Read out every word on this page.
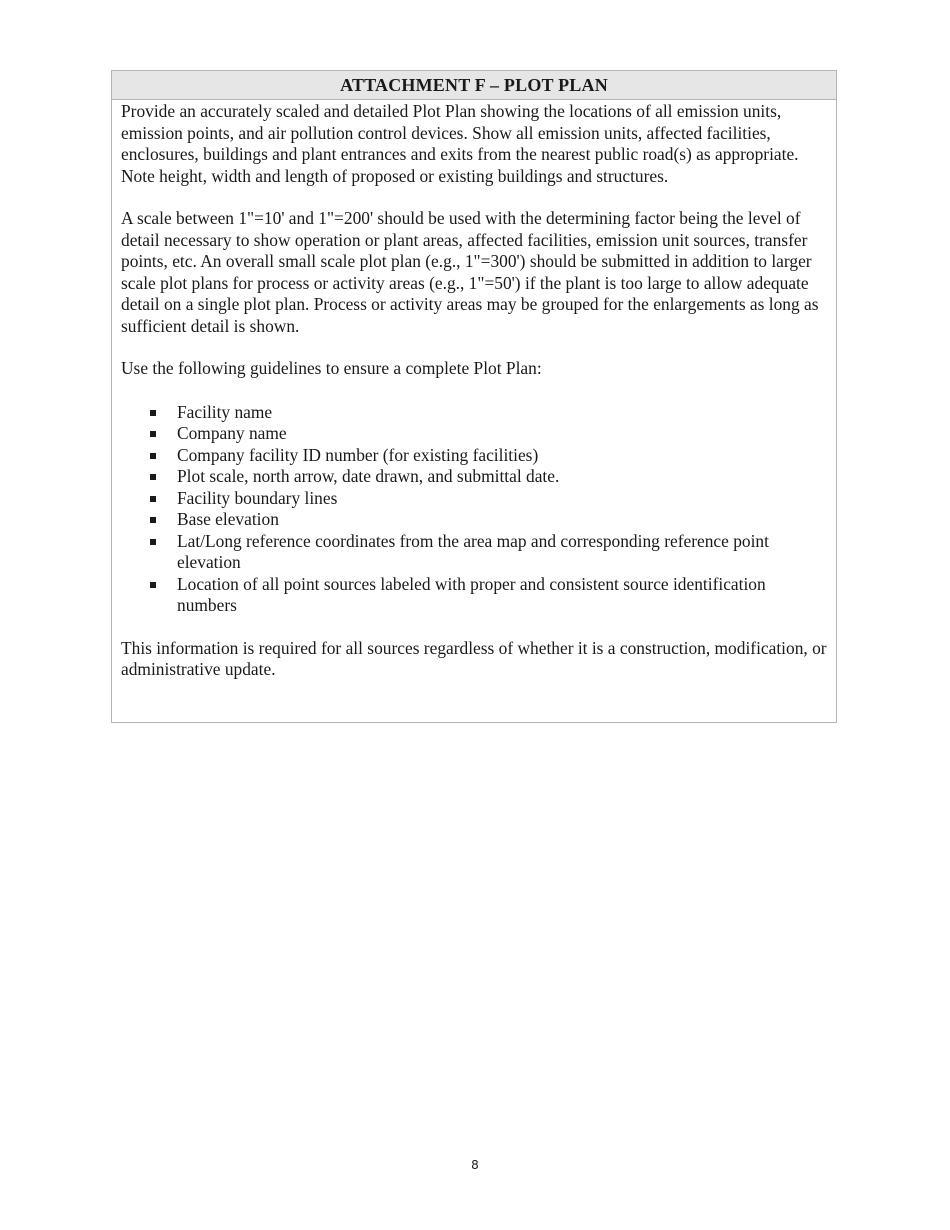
ATTACHMENT F – PLOT PLAN

Provide an accurately scaled and detailed Plot Plan showing the locations of all emission units, emission points, and air pollution control devices. Show all emission units, affected facilities, enclosures, buildings and plant entrances and exits from the nearest public road(s) as appropriate. Note height, width and length of proposed or existing buildings and structures.

A scale between 1"=10' and 1"=200' should be used with the determining factor being the level of detail necessary to show operation or plant areas, affected facilities, emission unit sources, transfer points, etc. An overall small scale plot plan (e.g., 1"=300') should be submitted in addition to larger scale plot plans for process or activity areas (e.g., 1"=50') if the plant is too large to allow adequate detail on a single plot plan. Process or activity areas may be grouped for the enlargements as long as sufficient detail is shown.

Use the following guidelines to ensure a complete Plot Plan:

Facility name
Company name
Company facility ID number (for existing facilities)
Plot scale, north arrow, date drawn, and submittal date.
Facility boundary lines
Base elevation
Lat/Long reference coordinates from the area map and corresponding reference point elevation
Location of all point sources labeled with proper and consistent source identification numbers

This information is required for all sources regardless of whether it is a construction, modification, or administrative update.

8
